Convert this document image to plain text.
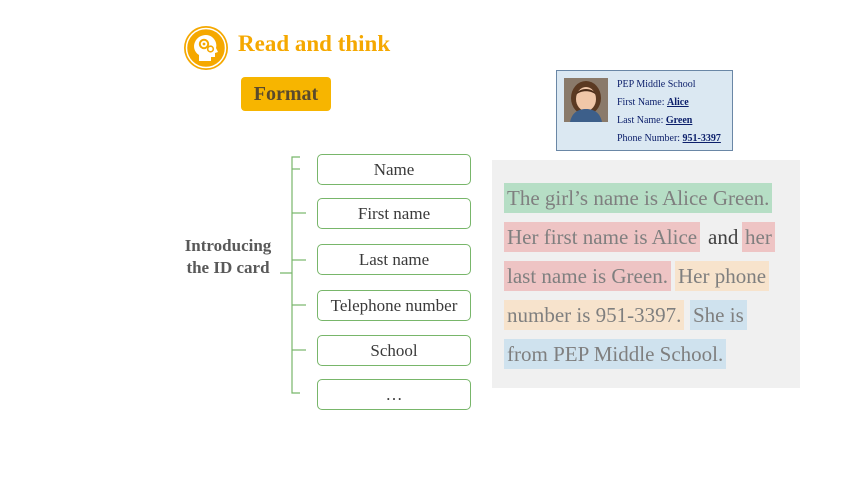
Read and think
Format	PEP Middle School
First Name: Alice
Last Name: Green
Phone Number: 951-3397
Introducing
the ID card
Name
First name
Last name
Telephone number
School
…
The girl’s name is Alice Green.
Her first name is Alice and her
last name is Green. Her phone
number is 951-3397. She is
from PEP Middle School.
